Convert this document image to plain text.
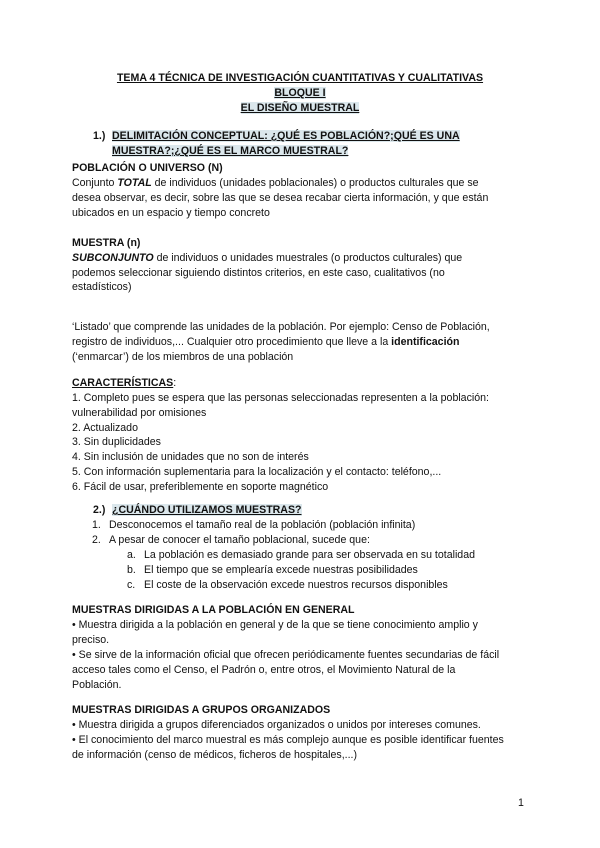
TEMA 4 TÉCNICA DE INVESTIGACIÓN CUANTITATIVAS Y CUALITATIVAS
BLOQUE I
EL DISEÑO MUESTRAL
1.) DELIMITACIÓN CONCEPTUAL: ¿QUÉ ES POBLACIÓN?;QUÉ ES UNA
MUESTRA?;¿QUÉ ES EL MARCO MUESTRAL?
POBLACIÓN O UNIVERSO (N)
Conjunto TOTAL de individuos (unidades poblacionales) o productos culturales que se
desea observar, es decir, sobre las que se desea recabar cierta información, y que están
ubicados en un espacio y tiempo concreto
MUESTRA (n)
SUBCONJUNTO de individuos o unidades muestrales (o productos culturales) que
podemos seleccionar siguiendo distintos criterios, en este caso, cualitativos (no
estadísticos)
‘Listado’ que comprende las unidades de la población. Por ejemplo: Censo de Población,
registro de individuos,... Cualquier otro procedimiento que lleve a la identificación
(‘enmarcar’) de los miembros de una población
CARACTERÍSTICAS:
1. Completo pues se espera que las personas seleccionadas representen a la población:
vulnerabilidad por omisiones
2. Actualizado
3. Sin duplicidades
4. Sin inclusión de unidades que no son de interés
5. Con información suplementaria para la localización y el contacto: teléfono,...
6. Fácil de usar, preferiblemente en soporte magnético
2.) ¿CUÁNDO UTILIZAMOS MUESTRAS?
1. Desconocemos el tamaño real de la población (población infinita)
2. A pesar de conocer el tamaño poblacional, sucede que:
a. La población es demasiado grande para ser observada en su totalidad
b. El tiempo que se emplearía excede nuestras posibilidades
c. El coste de la observación excede nuestros recursos disponibles
MUESTRAS DIRIGIDAS A LA POBLACIÓN EN GENERAL
• Muestra dirigida a la población en general y de la que se tiene conocimiento amplio y
preciso.
• Se sirve de la información oficial que ofrecen periódicamente fuentes secundarias de fácil
acceso tales como el Censo, el Padrón o, entre otros, el Movimiento Natural de la
Población.
MUESTRAS DIRIGIDAS A GRUPOS ORGANIZADOS
• Muestra dirigida a grupos diferenciados organizados o unidos por intereses comunes.
• El conocimiento del marco muestral es más complejo aunque es posible identificar fuentes
de información (censo de médicos, ficheros de hospitales,...)
1
